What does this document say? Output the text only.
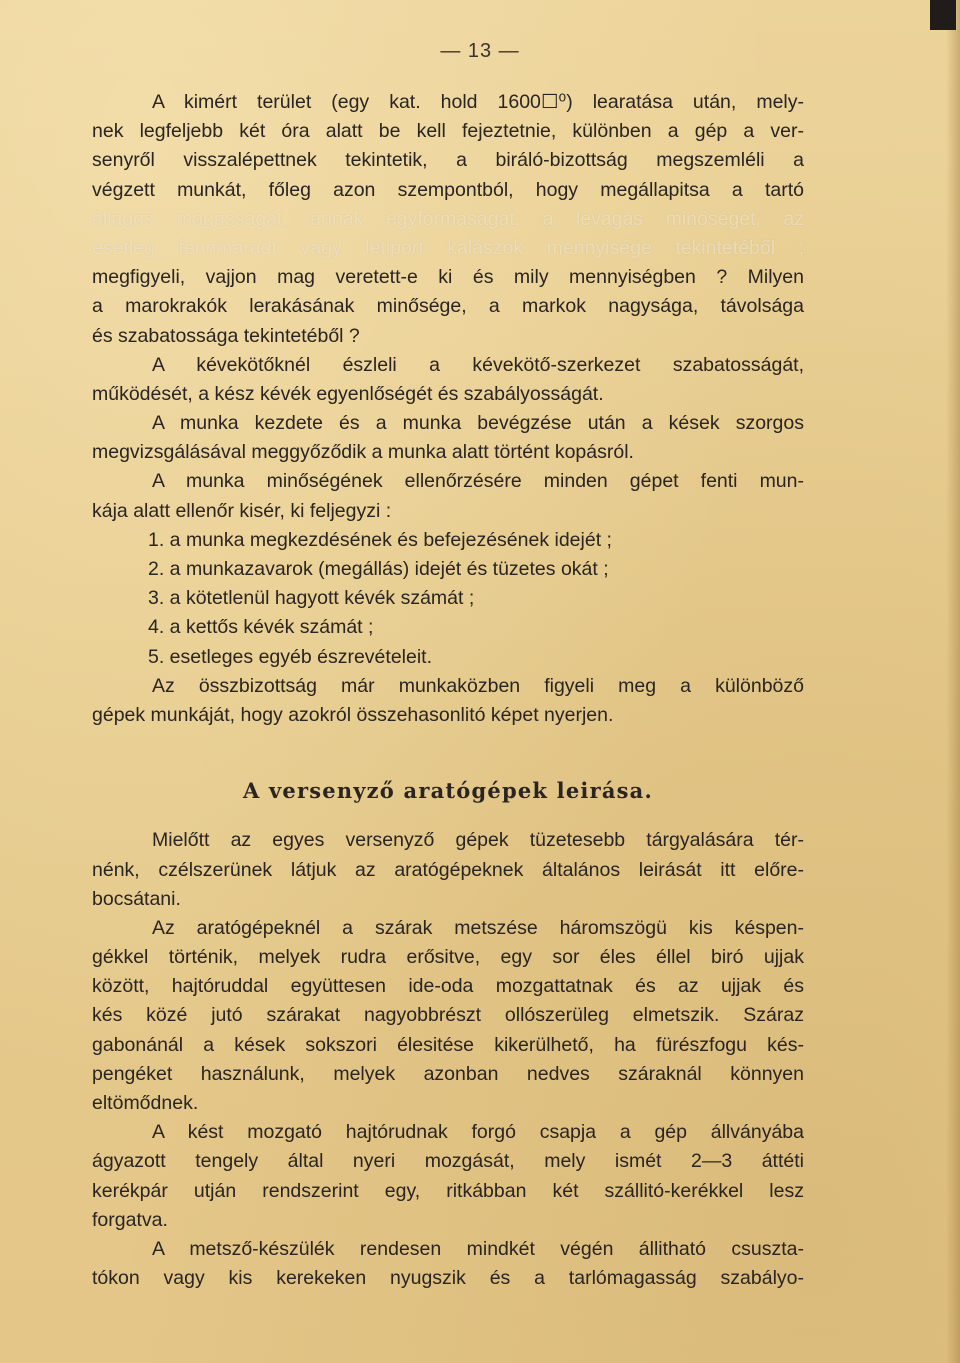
— 13 —
A kimért terület (egy kat. hold 1600☐⁰) learatása után, mely-
nek legfeljebb két óra alatt be kell fejeztetnie, különben a gép a ver-
senyről visszalépettnek tekintetik, a biráló-bizottság megszemléli a
végzett munkát, főleg azon szempontból, hogy megállapitsa a tartó
állagos magasságát, annak egyformaságát, a levágás minőségét, az
esetleg fennmaradt vagy letiport kalászok mennyisége tekintetéből ;
megfigyeli, vajjon mag veretett-e ki és mily mennyiségben ? Milyen
a marokrakók lerakásának minősége, a markok nagysága, távolsága
és szabatossága tekintetéből ?
A kévekötőknél észleli a kévekötő-szerkezet szabatosságát,
működését, a kész kévék egyenlőségét és szabályosságát.
A munka kezdete és a munka bevégzése után a kések szorgos
megvizsgálásával meggyőződik a munka alatt történt kopásról.
A munka minőségének ellenőrzésére minden gépet fenti mun-
kája alatt ellenőr kisér, ki feljegyzi :
1. a munka megkezdésének és befejezésének idejét ;
2. a munkazavarok (megállás) idejét és tüzetes okát ;
3. a kötetlenül hagyott kévék számát ;
4. a kettős kévék számát ;
5. esetleges egyéb észrevételeit.
Az összbizottság már munkaközben figyeli meg a különböző
gépek munkáját, hogy azokról összehasonlitó képet nyerjen.
A versenyző aratógépek leirása.
Mielőtt az egyes versenyző gépek tüzetesebb tárgyalására tér-
nénk, czélszerünek látjuk az aratógépeknek általános leirását itt előre-
bocsátani.
Az aratógépeknél a szárak metszése háromszögü kis késpen-
gékkel történik, melyek rudra erősitve, egy sor éles éllel biró ujjak
között, hajtóruddal együttesen ide-oda mozgattatnak és az ujjak és
kés közé jutó szárakat nagyobbrészt ollószerüleg elmetszik. Száraz
gabonánál a kések sokszori élesitése kikerülhető, ha fürészfogu kés-
pengéket használunk, melyek azonban nedves száraknál könnyen
eltömődnek.
A kést mozgató hajtórudnak forgó csapja a gép állványába
ágyazott tengely által nyeri mozgását, mely ismét 2—3 áttéti
kerékpár utján rendszerint egy, ritkábban két szállitó-kerékkel lesz
forgatva.
A metsző-készülék rendesen mindkét végén állitható csuszta-
tókon vagy kis kerekeken nyugszik és a tarlómagasság szabályo-
